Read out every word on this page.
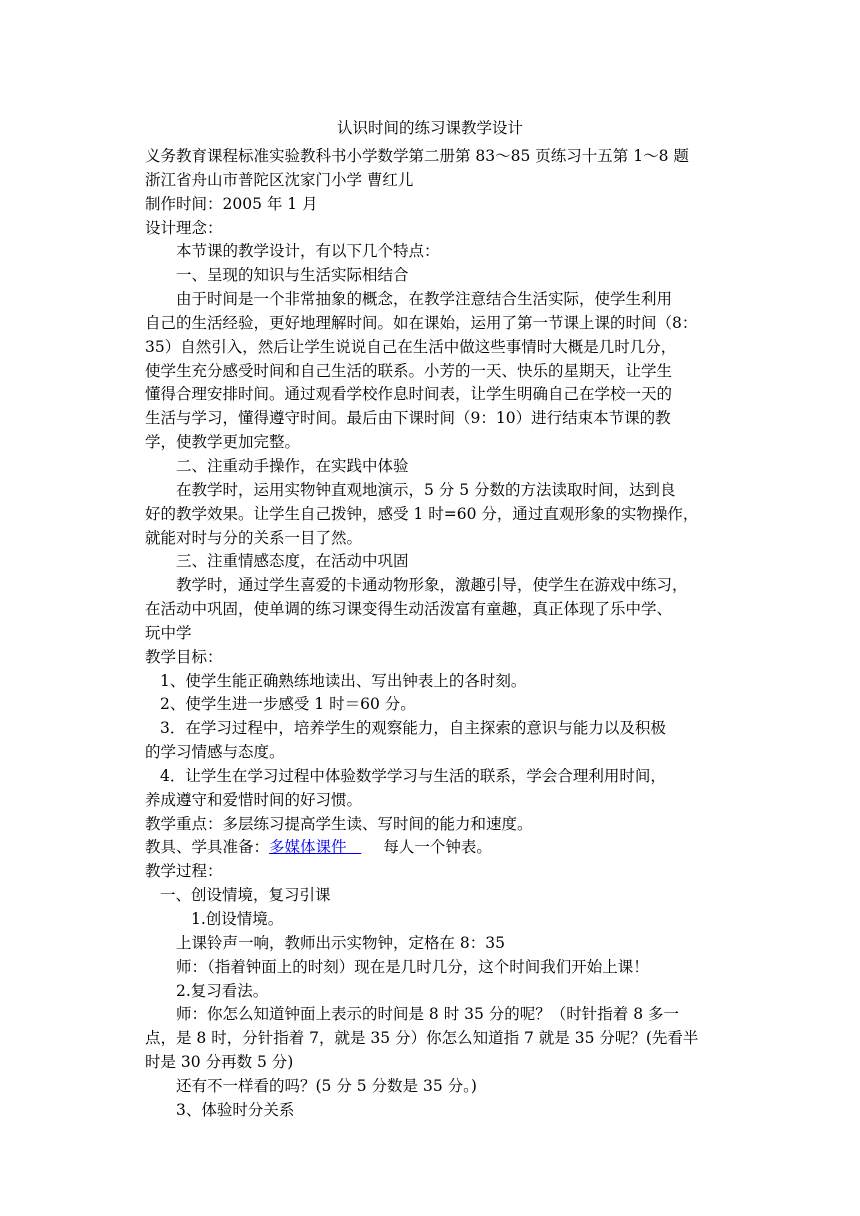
认识时间的练习课教学设计
义务教育课程标准实验教科书小学数学第二册第 83～85 页练习十五第 1～8 题
浙江省舟山市普陀区沈家门小学 曹红儿
制作时间：2005 年 1 月
设计理念：
本节课的教学设计，有以下几个特点：
一、呈现的知识与生活实际相结合
由于时间是一个非常抽象的概念，在教学注意结合生活实际，使学生利用
自己的生活经验，更好地理解时间。如在课始，运用了第一节课上课的时间（8：
35）自然引入，然后让学生说说自己在生活中做这些事情时大概是几时几分，
使学生充分感受时间和自己生活的联系。小芳的一天、快乐的星期天，让学生
懂得合理安排时间。通过观看学校作息时间表，让学生明确自己在学校一天的
生活与学习，懂得遵守时间。最后由下课时间（9：10）进行结束本节课的教
学，使教学更加完整。
二、注重动手操作，在实践中体验
在教学时，运用实物钟直观地演示，5 分 5 分数的方法读取时间，达到良
好的教学效果。让学生自己拨钟，感受 1 时=60 分，通过直观形象的实物操作，
就能对时与分的关系一目了然。
三、注重情感态度，在活动中巩固
教学时，通过学生喜爱的卡通动物形象，激趣引导，使学生在游戏中练习，
在活动中巩固，使单调的练习课变得生动活泼富有童趣，真正体现了乐中学、
玩中学
教学目标：
1、使学生能正确熟练地读出、写出钟表上的各时刻。
2、使学生进一步感受 1 时＝60 分。
3．在学习过程中，培养学生的观察能力，自主探索的意识与能力以及积极
的学习情感与态度。
4．让学生在学习过程中体验数学学习与生活的联系，学会合理利用时间，
养成遵守和爱惜时间的好习惯。
教学重点：多层练习提高学生读、写时间的能力和速度。
教具、学具准备：多媒体课件 每人一个钟表。
教学过程：
一、创设情境，复习引课
1.创设情境。
上课铃声一响，教师出示实物钟，定格在 8：35
师：（指着钟面上的时刻）现在是几时几分，这个时间我们开始上课！
2.复习看法。
师：你怎么知道钟面上表示的时间是 8 时 35 分的呢？（时针指着 8 多一
点，是 8 时，分针指着 7，就是 35 分）你怎么知道指 7 就是 35 分呢？(先看半
时是 30 分再数 5 分)
还有不一样看的吗？(5 分 5 分数是 35 分。)
3、体验时分关系
